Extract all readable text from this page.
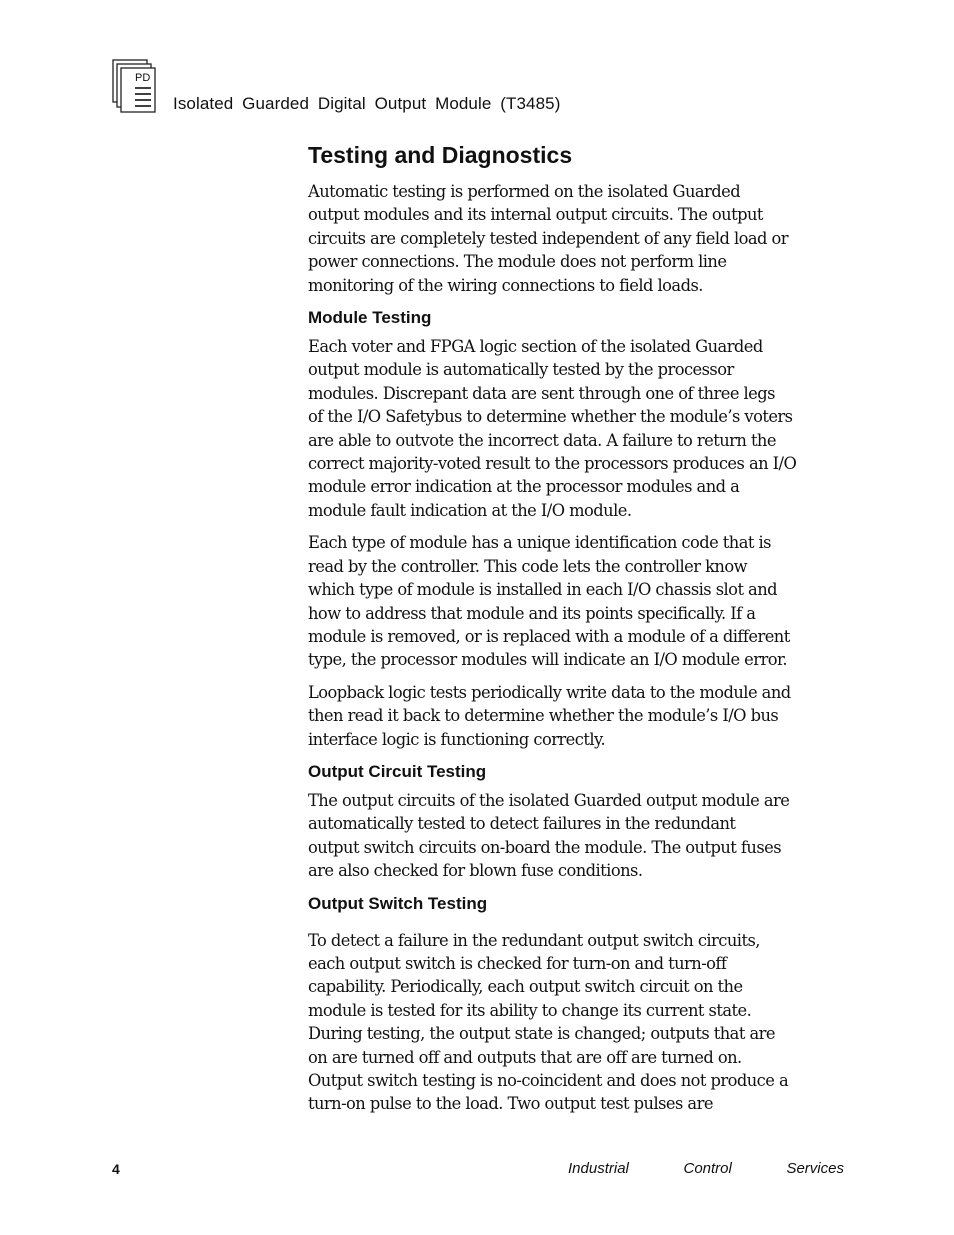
PD
Isolated Guarded Digital Output Module (T3485)
Testing and Diagnostics
Automatic testing is performed on the isolated Guarded
output modules and its internal output circuits. The output
circuits are completely tested independent of any field load or
power connections. The module does not perform line
monitoring of the wiring connections to field loads.
Module Testing
Each voter and FPGA logic section of the isolated Guarded
output module is automatically tested by the processor
modules. Discrepant data are sent through one of three legs
of the I/O Safetybus to determine whether the module’s voters
are able to outvote the incorrect data. A failure to return the
correct majority-voted result to the processors produces an I/O
module error indication at the processor modules and a
module fault indication at the I/O module.
Each type of module has a unique identification code that is
read by the controller. This code lets the controller know
which type of module is installed in each I/O chassis slot and
how to address that module and its points specifically. If a
module is removed, or is replaced with a module of a different
type, the processor modules will indicate an I/O module error.
Loopback logic tests periodically write data to the module and
then read it back to determine whether the module’s I/O bus
interface logic is functioning correctly.
Output Circuit Testing
The output circuits of the isolated Guarded output module are
automatically tested to detect failures in the redundant
output switch circuits on-board the module. The output fuses
are also checked for blown fuse conditions.
Output Switch Testing
To detect a failure in the redundant output switch circuits,
each output switch is checked for turn-on and turn-off
capability. Periodically, each output switch circuit on the
module is tested for its ability to change its current state.
During testing, the output state is changed; outputs that are
on are turned off and outputs that are off are turned on.
Output switch testing is no-coincident and does not produce a
turn-on pulse to the load. Two output test pulses are
4	Industrial	Control	Services
